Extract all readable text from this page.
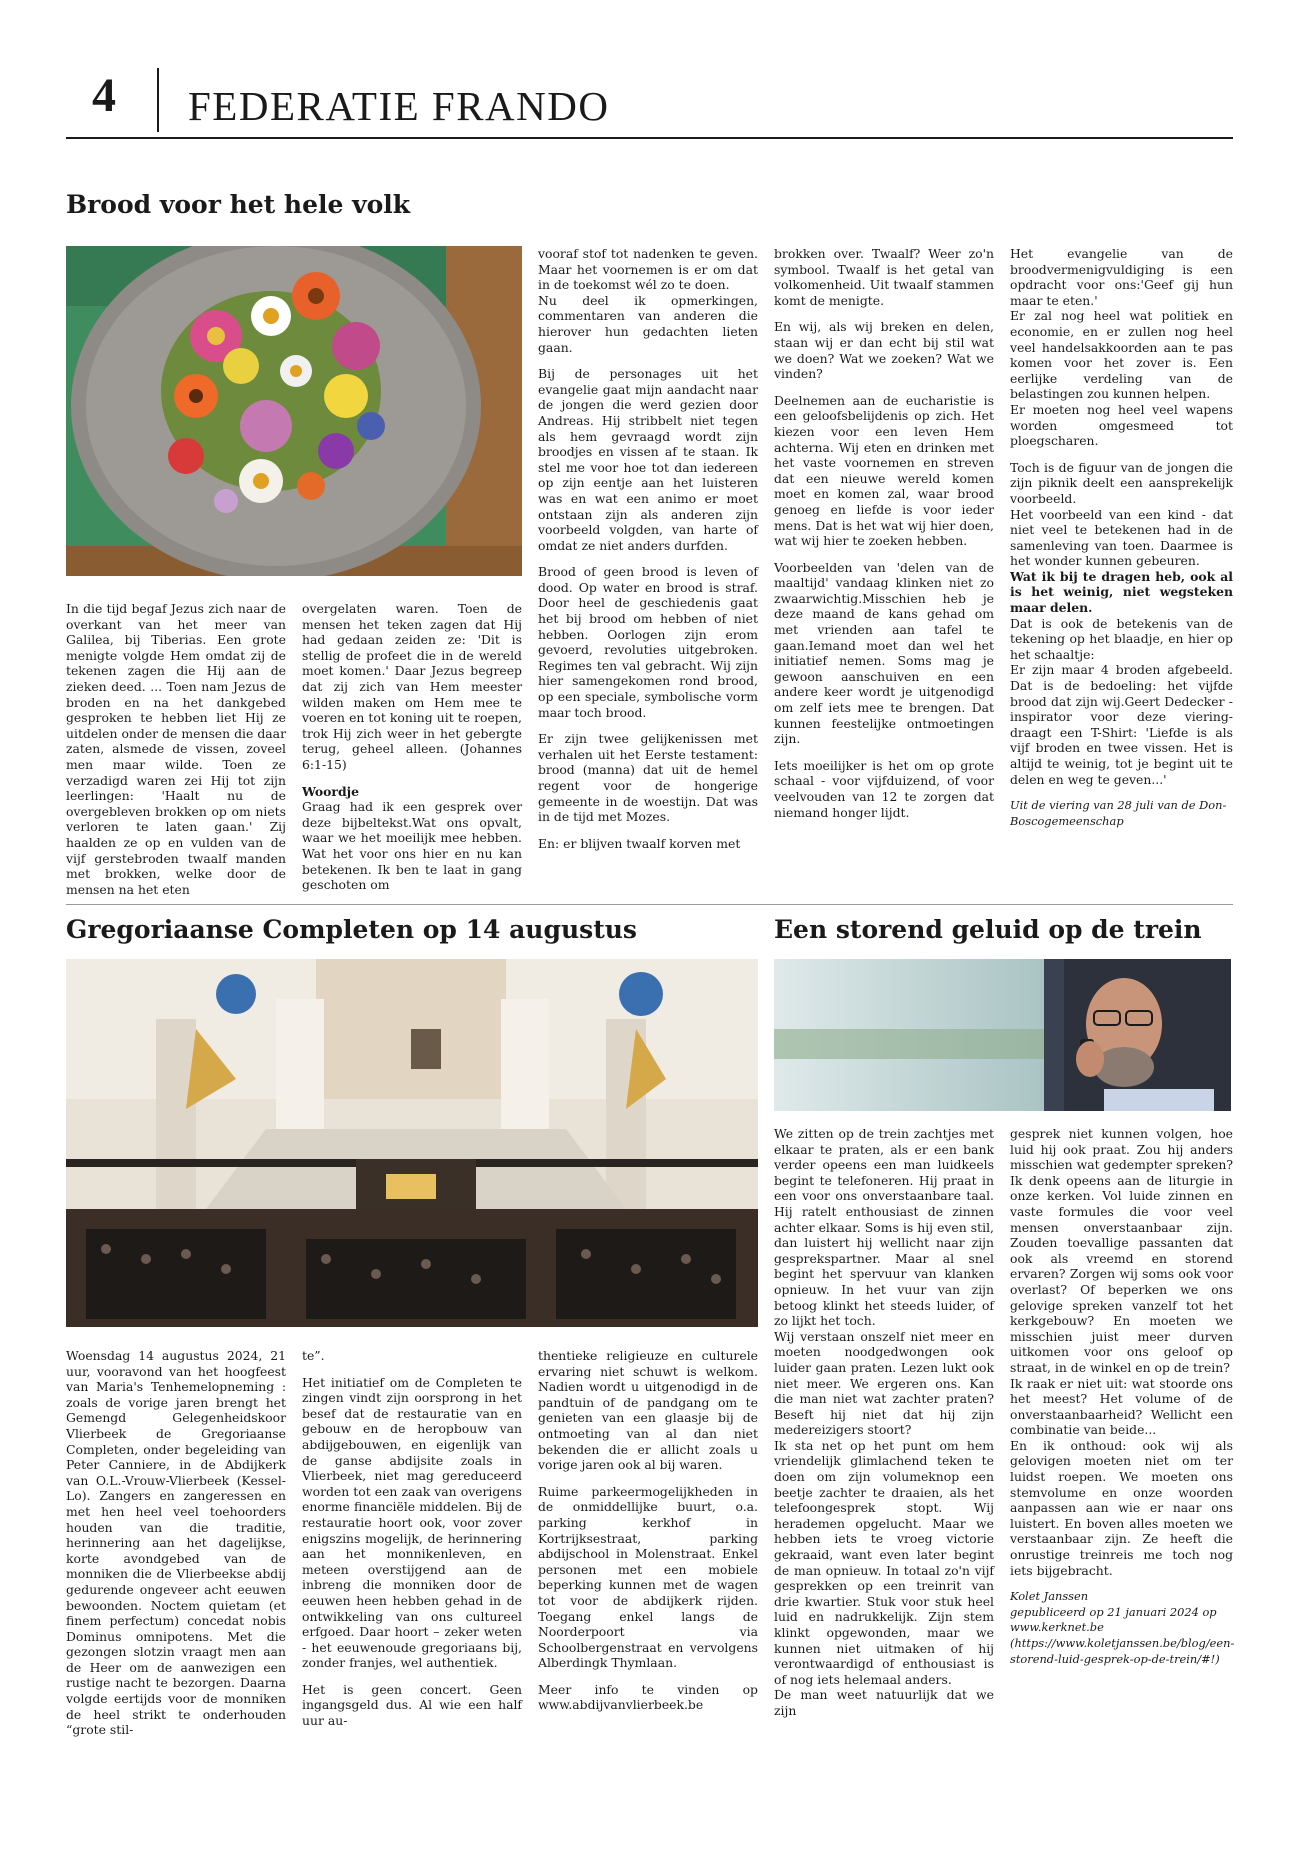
4 FEDERATIE FRANDO
Brood voor het hele volk

In die tijd begaf Jezus zich naar de overkant van het meer van Galilea, bij Tiberias. Een grote menigte volgde Hem omdat zij de tekenen zagen die Hij aan de zieken deed. ... Toen nam Jezus de broden en na het dankgebed gesproken te hebben liet Hij ze uitdelen onder de mensen die daar zaten, alsmede de vissen, zoveel men maar wilde. Toen ze verzadigd waren zei Hij tot zijn leerlingen: 'Haalt nu de overgebleven brokken op om niets verloren te laten gaan.' Zij haalden ze op en vulden van de vijf gerstebroden twaalf manden met brokken, welke door de mensen na het eten

overgelaten waren. Toen de mensen het teken zagen dat Hij had gedaan zeiden ze: 'Dit is stellig de profeet die in de wereld moet komen.' Daar Jezus begreep dat zij zich van Hem meester wilden maken om Hem mee te voeren en tot koning uit te roepen, trok Hij zich weer in het gebergte terug, geheel alleen. (Johannes 6:1-15)

Woordje

Graag had ik een gesprek over deze bijbeltekst.Wat ons opvalt, waar we het moeilijk mee hebben. Wat het voor ons hier en nu kan betekenen. Ik ben te laat in gang geschoten om

vooraf stof tot nadenken te geven. Maar het voornemen is er om dat in de toekomst wél zo te doen.

Nu deel ik opmerkingen, commentaren van anderen die hierover hun gedachten lieten gaan.

Bij de personages uit het evangelie gaat mijn aandacht naar de jongen die werd gezien door Andreas. Hij stribbelt niet tegen als hem gevraagd wordt zijn broodjes en vissen af te staan. Ik stel me voor hoe tot dan iedereen op zijn eentje aan het luisteren was en wat een animo er moet ontstaan zijn als anderen zijn voorbeeld volgden, van harte of omdat ze niet anders durfden.

Brood of geen brood is leven of dood. Op water en brood is straf. Door heel de geschiedenis gaat het bij brood om hebben of niet hebben. Oorlogen zijn erom gevoerd, revoluties uitgebroken. Regimes ten val gebracht. Wij zijn hier samengekomen rond brood, op een speciale, symbolische vorm maar toch brood.

Er zijn twee gelijkenissen met verhalen uit het Eerste testament: brood (manna) dat uit de hemel regent voor de hongerige gemeente in de woestijn. Dat was in de tijd met Mozes.

En: er blijven twaalf korven met

brokken over. Twaalf? Weer zo'n symbool. Twaalf is het getal van volkomenheid. Uit twaalf stammen komt de menigte.

En wij, als wij breken en delen, staan wij er dan echt bij stil wat we doen? Wat we zoeken? Wat we vinden?

Deelnemen aan de eucharistie is een geloofsbelijdenis op zich. Het kiezen voor een leven Hem achterna. Wij eten en drinken met het vaste voornemen en streven dat een nieuwe wereld komen moet en komen zal, waar brood genoeg en liefde is voor ieder mens. Dat is het wat wij hier doen, wat wij hier te zoeken hebben.

Voorbeelden van 'delen van de maaltijd' vandaag klinken niet zo zwaarwichtig.Misschien heb je deze maand de kans gehad om met vrienden aan tafel te gaan.Iemand moet dan wel het initiatief nemen. Soms mag je gewoon aanschuiven en een andere keer wordt je uitgenodigd om zelf iets mee te brengen. Dat kunnen feestelijke ontmoetingen zijn.

Iets moeilijker is het om op grote schaal - voor vijfduizend, of voor veelvouden van 12 te zorgen dat niemand honger lijdt.

Het evangelie van de broodvermenigvuldiging is een opdracht voor ons:'Geef gij hun maar te eten.'

Er zal nog heel wat politiek en economie, en er zullen nog heel veel handelsakkoorden aan te pas komen voor het zover is. Een eerlijke verdeling van de belastingen zou kunnen helpen.

Er moeten nog heel veel wapens worden omgesmeed tot ploegscharen.

Toch is de figuur van de jongen die zijn piknik deelt een aansprekelijk voorbeeld.

Het voorbeeld van een kind - dat niet veel te betekenen had in de samenleving van toen. Daarmee is het wonder kunnen gebeuren.

Wat ik bij te dragen heb, ook al is het weinig, niet wegsteken maar delen.

Dat is ook de betekenis van de tekening op het blaadje, en hier op het schaaltje:

Er zijn maar 4 broden afgebeeld. Dat is de bedoeling: het vijfde brood dat zijn wij.Geert Dedecker -inspirator voor deze viering- draagt een T-Shirt: 'Liefde is als vijf broden en twee vissen. Het is altijd te weinig, tot je begint uit te delen en weg te geven...'

Uit de viering van 28 juli van de Don-Boscogemeenschap

Gregoriaanse Completen op 14 augustus

Woensdag 14 augustus 2024, 21 uur, vooravond van het hoogfeest van Maria's Tenhemelopneming : zoals de vorige jaren brengt het Gemengd Gelegenheidskoor Vlierbeek de Gregoriaanse Completen, onder begeleiding van Peter Canniere, in de Abdijkerk van O.L.-Vrouw-Vlierbeek (Kessel-Lo). Zangers en zangeressen en met hen heel veel toehoorders houden van die traditie, herinnering aan het dagelijkse, korte avondgebed van de monniken die de Vlierbeekse abdij gedurende ongeveer acht eeuwen bewoonden. Noctem quietam (et finem perfectum) concedat nobis Dominus omnipotens. Met die gezongen slotzin vraagt men aan de Heer om de aanwezigen een rustige nacht te bezorgen. Daarna volgde eertijds voor de monniken de heel strikt te onderhouden “grote stil-

te”.

Het initiatief om de Completen te zingen vindt zijn oorsprong in het besef dat de restauratie van en gebouw en de heropbouw van abdijgebouwen, en eigenlijk van de ganse abdijsite zoals in Vlierbeek, niet mag gereduceerd worden tot een zaak van overigens enorme financiële middelen. Bij de restauratie hoort ook, voor zover enigszins mogelijk, de herinnering aan het monnikenleven, en meteen overstijgend aan de inbreng die monniken door de eeuwen heen hebben gehad in de ontwikkeling van ons cultureel erfgoed. Daar hoort – zeker weten - het eeuwenoude gregoriaans bij, zonder franjes, wel authentiek.

Het is geen concert. Geen ingangsgeld dus. Al wie een half uur au-

thentieke religieuze en culturele ervaring niet schuwt is welkom. Nadien wordt u uitgenodigd in de pandtuin of de pandgang om te genieten van een glaasje bij de ontmoeting van al dan niet bekenden die er allicht zoals u vorige jaren ook al bij waren.

Ruime parkeermogelijkheden in de onmiddellijke buurt, o.a. parking kerkhof in Kortrijksestraat, parking abdijschool in Molenstraat. Enkel personen met een mobiele beperking kunnen met de wagen tot voor de abdijkerk rijden. Toegang enkel langs de Noorderpoort via Schoolbergenstraat en vervolgens Alberdingk Thymlaan.

Meer info te vinden op www.abdijvanvlierbeek.be

Een storend geluid op de trein

We zitten op de trein zachtjes met elkaar te praten, als er een bank verder opeens een man luidkeels begint te telefoneren. Hij praat in een voor ons onverstaanbare taal. Hij ratelt enthousiast de zinnen achter elkaar. Soms is hij even stil, dan luistert hij wellicht naar zijn gesprekspartner. Maar al snel begint het spervuur van klanken opnieuw. In het vuur van zijn betoog klinkt het steeds luider, of zo lijkt het toch.

Wij verstaan onszelf niet meer en moeten noodgedwongen ook luider gaan praten. Lezen lukt ook niet meer. We ergeren ons. Kan die man niet wat zachter praten? Beseft hij niet dat hij zijn medereizigers stoort?

Ik sta net op het punt om hem vriendelijk glimlachend teken te doen om zijn volumeknop een beetje zachter te draaien, als het telefoongesprek stopt. Wij herademen opgelucht. Maar we hebben iets te vroeg victorie gekraaid, want even later begint de man opnieuw. In totaal zo'n vijf gesprekken op een treinrit van drie kwartier. Stuk voor stuk heel luid en nadrukkelijk. Zijn stem klinkt opgewonden, maar we kunnen niet uitmaken of hij verontwaardigd of enthousiast is of nog iets helemaal anders.

De man weet natuurlijk dat we zijn

gesprek niet kunnen volgen, hoe luid hij ook praat. Zou hij anders misschien wat gedempter spreken? Ik denk opeens aan de liturgie in onze kerken. Vol luide zinnen en vaste formules die voor veel mensen onverstaanbaar zijn. Zouden toevallige passanten dat ook als vreemd en storend ervaren? Zorgen wij soms ook voor overlast? Of beperken we ons gelovige spreken vanzelf tot het kerkgebouw? En moeten we misschien juist meer durven uitkomen voor ons geloof op straat, in de winkel en op de trein?

Ik raak er niet uit: wat stoorde ons het meest? Het volume of de onverstaanbaarheid? Wellicht een combinatie van beide...

En ik onthoud: ook wij als gelovigen moeten niet om ter luidst roepen. We moeten ons stemvolume en onze woorden aanpassen aan wie er naar ons luistert. En boven alles moeten we verstaanbaar zijn. Ze heeft die onrustige treinreis me toch nog iets bijgebracht.

Kolet Janssen

gepubliceerd op 21 januari 2024 op www.kerknet.be (https://www.koletjanssen.be/blog/een-storend-luid-gesprek-op-de-trein/#!)
